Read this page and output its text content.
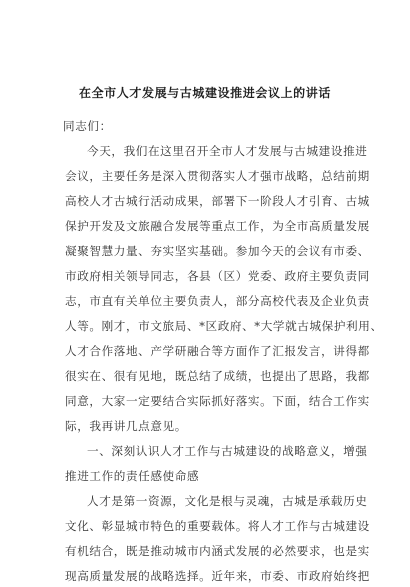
在全市人才发展与古城建设推进会议上的讲话
同志们：
今天，我们在这里召开全市人才发展与古城建设推进
会议，主要任务是深入贯彻落实人才强市战略，总结前期
高校人才古城行活动成果，部署下一阶段人才引育、古城
保护开发及文旅融合发展等重点工作，为全市高质量发展
凝聚智慧力量、夯实坚实基础。参加今天的会议有市委、
市政府相关领导同志，各县（区）党委、政府主要负责同
志，市直有关单位主要负责人，部分高校代表及企业负责
人等。刚才，市文旅局、*区政府、*大学就古城保护利用、
人才合作落地、产学研融合等方面作了汇报发言，讲得都
很实在、很有见地，既总结了成绩，也提出了思路，我都
同意，大家一定要结合实际抓好落实。下面，结合工作实
际，我再讲几点意见。
一、深刻认识人才工作与古城建设的战略意义，增强
推进工作的责任感使命感
人才是第一资源，文化是根与灵魂，古城是承载历史
文化、彰显城市特色的重要载体。将人才工作与古城建设
有机结合，既是推动城市内涵式发展的必然要求，也是实
现高质量发展的战略选择。近年来，市委、市政府始终把
